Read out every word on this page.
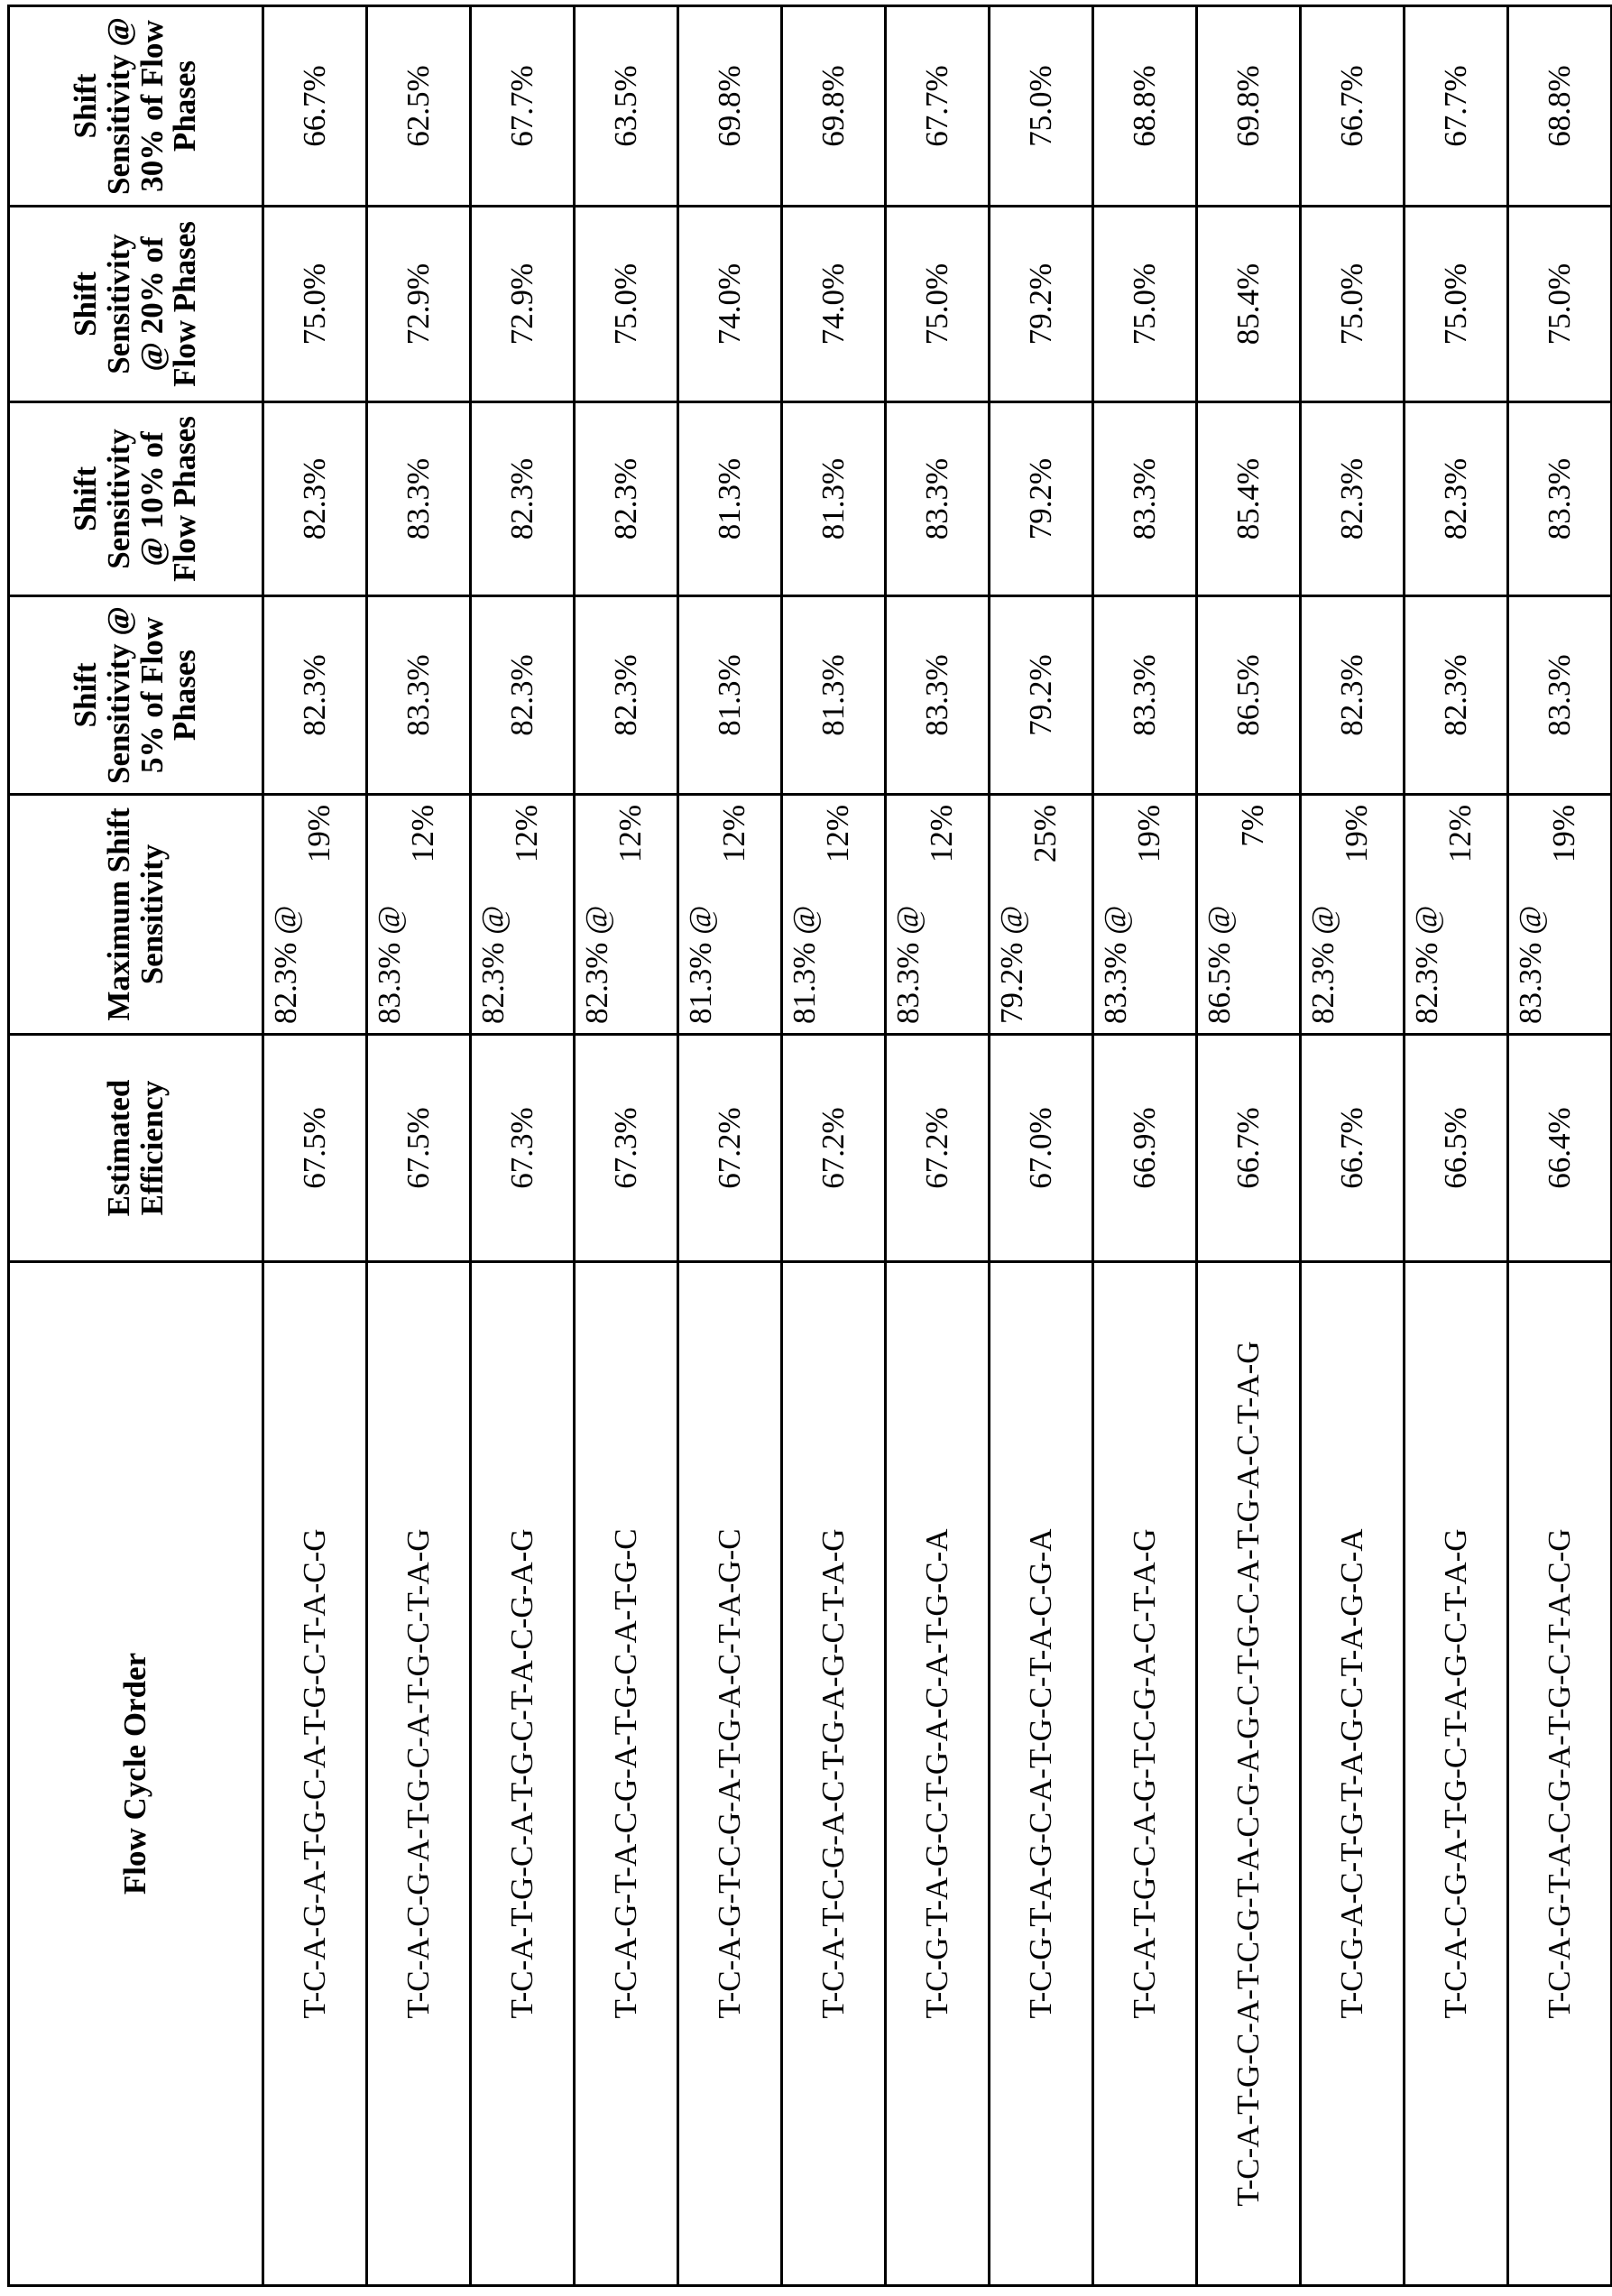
Flow Cycle Order	Estimated Efficiency	Maximum Shift Sensitivity	Shift Sensitivity @ 5% of Flow Phases	Shift Sensitivity @ 10% of Flow Phases	Shift Sensitivity @ 20% of Flow Phases	Shift Sensitivity @ 30% of Flow Phases
T-C-A-G-A-T-G-C-A-T-G-C-T-A-C-G	67.5%	82.3% @
19%
	82.3%	82.3%	75.0%	66.7%
T-C-A-C-G-A-T-G-C-A-T-G-C-T-A-G	67.5%	83.3% @
12%
	83.3%	83.3%	72.9%	62.5%
T-C-A-T-G-C-A-T-G-C-T-A-C-G-A-G	67.3%	82.3% @
12%
	82.3%	82.3%	72.9%	67.7%
T-C-A-G-T-A-C-G-A-T-G-C-A-T-G-C	67.3%	82.3% @
12%
	82.3%	82.3%	75.0%	63.5%
T-C-A-G-T-C-G-A-T-G-A-C-T-A-G-C	67.2%	81.3% @
12%
	81.3%	81.3%	74.0%	69.8%
T-C-A-T-C-G-A-C-T-G-A-G-C-T-A-G	67.2%	81.3% @
12%
	81.3%	81.3%	74.0%	69.8%
T-C-G-T-A-G-C-T-G-A-C-A-T-G-C-A	67.2%	83.3% @
12%
	83.3%	83.3%	75.0%	67.7%
T-C-G-T-A-G-C-A-T-G-C-T-A-C-G-A	67.0%	79.2% @
25%
	79.2%	79.2%	79.2%	75.0%
T-C-A-T-G-C-A-G-T-C-G-A-C-T-A-G	66.9%	83.3% @
19%
	83.3%	83.3%	75.0%	68.8%
T-C-A-T-G-C-A-T-C-G-T-A-C-G-A-G-C-T-G-C-A-T-G-A-C-T-A-G	66.7%	86.5% @
7%
	86.5%	85.4%	85.4%	69.8%
T-C-G-A-C-T-G-T-A-G-C-T-A-G-C-A	66.7%	82.3% @
19%
	82.3%	82.3%	75.0%	66.7%
T-C-A-C-G-A-T-G-C-T-A-G-C-T-A-G	66.5%	82.3% @
12%
	82.3%	82.3%	75.0%	67.7%
T-C-A-G-T-A-C-G-A-T-G-C-T-A-C-G	66.4%	83.3% @
19%
	83.3%	83.3%	75.0%	68.8%
